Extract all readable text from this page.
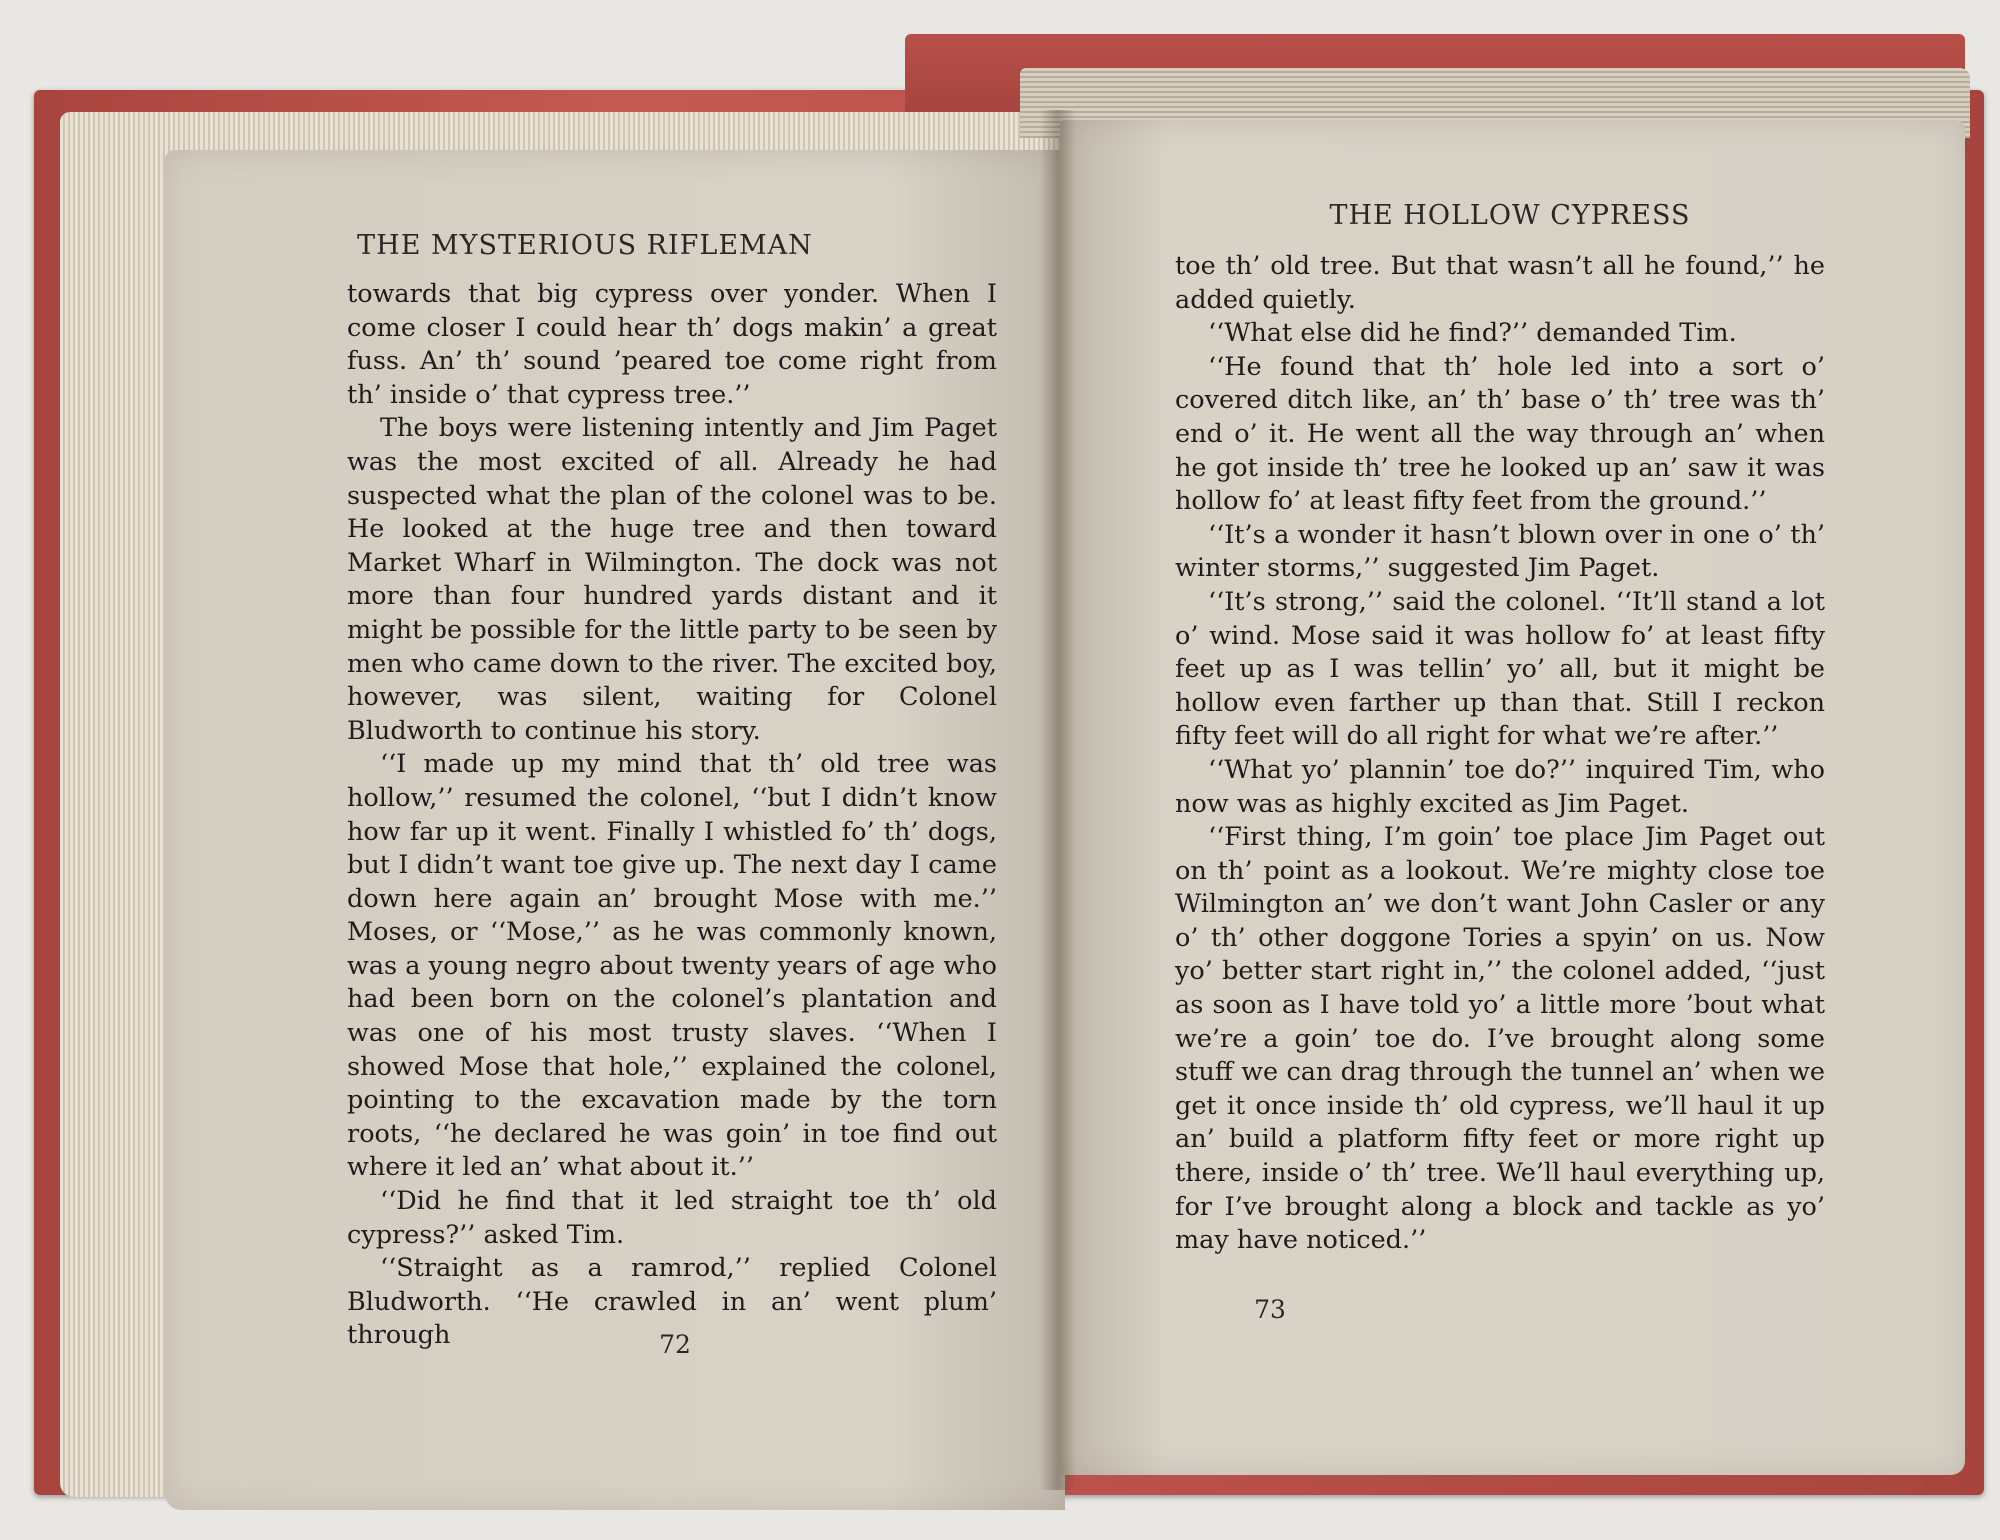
THE MYSTERIOUS RIFLEMAN

towards that big cypress over yonder. When I come closer I could hear th’ dogs makin’ a great fuss. An’ th’ sound ’peared toe come right from th’ inside o’ that cypress tree.’’

The boys were listening intently and Jim Paget was the most excited of all. Already he had suspected what the plan of the colonel was to be. He looked at the huge tree and then toward Market Wharf in Wilmington. The dock was not more than four hundred yards distant and it might be possible for the little party to be seen by men who came down to the river. The excited boy, however, was silent, waiting for Colonel Bludworth to continue his story.

‘‘I made up my mind that th’ old tree was hollow,’’ resumed the colonel, ‘‘but I didn’t know how far up it went. Finally I whistled fo’ th’ dogs, but I didn’t want toe give up. The next day I came down here again an’ brought Mose with me.’’ Moses, or ‘‘Mose,’’ as he was commonly known, was a young negro about twenty years of age who had been born on the colonel’s plantation and was one of his most trusty slaves. ‘‘When I showed Mose that hole,’’ explained the colonel, pointing to the excavation made by the torn roots, ‘‘he declared he was goin’ in toe find out where it led an’ what about it.’’

‘‘Did he find that it led straight toe th’ old cypress?’’ asked Tim.

‘‘Straight as a ramrod,’’ replied Colonel Bludworth. ‘‘He crawled in an’ went plum’ through	72
THE HOLLOW CYPRESS

toe th’ old tree. But that wasn’t all he found,’’ he added quietly.

‘‘What else did he find?’’ demanded Tim.

‘‘He found that th’ hole led into a sort o’ covered ditch like, an’ th’ base o’ th’ tree was th’ end o’ it. He went all the way through an’ when he got inside th’ tree he looked up an’ saw it was hollow fo’ at least fifty feet from the ground.’’

‘‘It’s a wonder it hasn’t blown over in one o’ th’ winter storms,’’ suggested Jim Paget.

‘‘It’s strong,’’ said the colonel. ‘‘It’ll stand a lot o’ wind. Mose said it was hollow fo’ at least fifty feet up as I was tellin’ yo’ all, but it might be hollow even farther up than that. Still I reckon fifty feet will do all right for what we’re after.’’

‘‘What yo’ plannin’ toe do?’’ inquired Tim, who now was as highly excited as Jim Paget.

‘‘First thing, I’m goin’ toe place Jim Paget out on th’ point as a lookout. We’re mighty close toe Wilmington an’ we don’t want John Casler or any o’ th’ other doggone Tories a spyin’ on us. Now yo’ better start right in,’’ the colonel added, ‘‘just as soon as I have told yo’ a little more ’bout what we’re a goin’ toe do. I’ve brought along some stuff we can drag through the tunnel an’ when we get it once inside th’ old cypress, we’ll haul it up an’ build a platform fifty feet or more right up there, inside o’ th’ tree. We’ll haul everything up, for I’ve brought along a block and tackle as yo’ may have noticed.’’

73
